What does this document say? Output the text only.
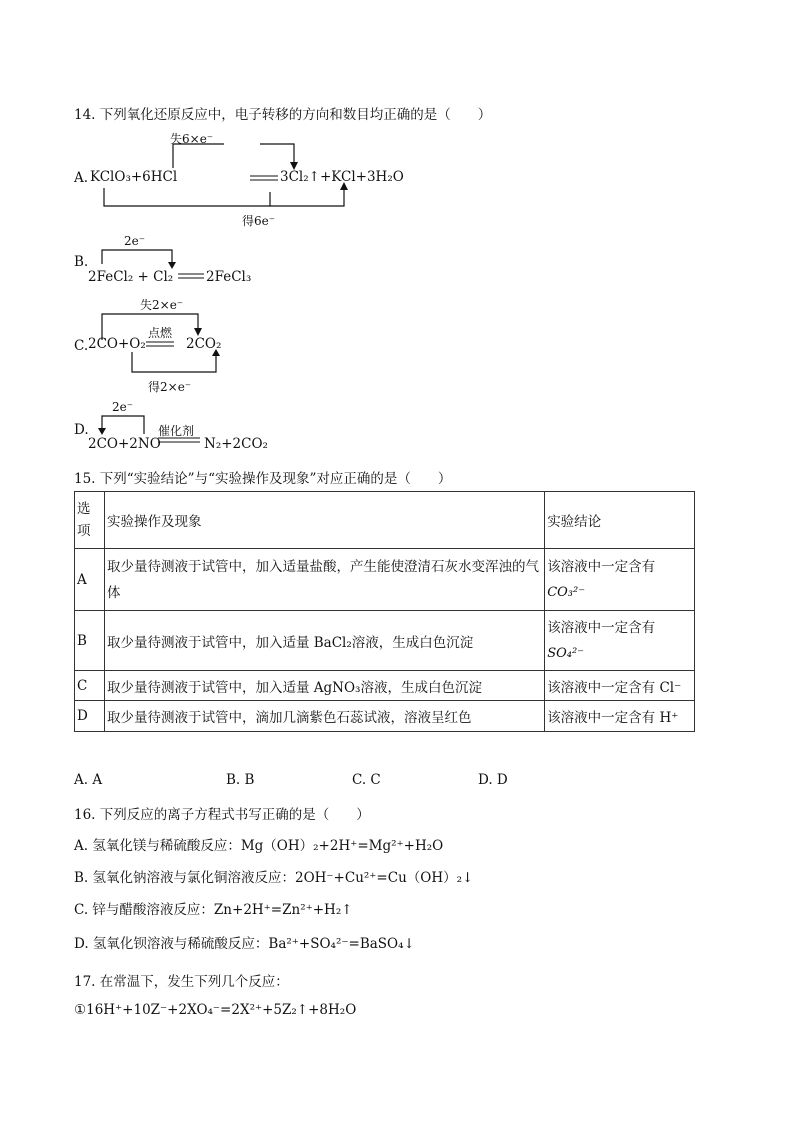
14. 下列氧化还原反应中，电子转移的方向和数目均正确的是（　　）
失6×e⁻
A. KClO₃+6HCl	3Cl₂↑+KCl+3H₂O
得6e⁻
2e⁻
B.
2FeCl₂ + Cl₂ 2FeCl₃
失2×e⁻
点燃
C. 2CO+O₂	2CO₂
得2×e⁻
2e⁻
催化剂
D.
2CO+2NO	N₂+2CO₂
15. 下列“实验结论”与“实验操作及现象”对应正确的是（　　）
选项	实验操作及现象	实验结论
A	取少量待测液于试管中，加入适量盐酸，产生能使澄清石灰水变浑浊的气体	该溶液中一定含有
CO₃²⁻

B	取少量待测液于试管中，加入适量 BaCl₂溶液，生成白色沉淀	该溶液中一定含有
SO₄²⁻

C	取少量待测液于试管中，加入适量 AgNO₃溶液，生成白色沉淀	该溶液中一定含有 Cl⁻
D	取少量待测液于试管中，滴加几滴紫色石蕊试液，溶液呈红色	该溶液中一定含有 H⁺
A. A	B. B	C. C	D. D
16. 下列反应的离子方程式书写正确的是（　　）
A. 氢氧化镁与稀硫酸反应：Mg（OH）₂+2H⁺=Mg²⁺+H₂O
B. 氢氧化钠溶液与氯化铜溶液反应：2OH⁻+Cu²⁺=Cu（OH）₂↓
C. 锌与醋酸溶液反应：Zn+2H⁺=Zn²⁺+H₂↑
D. 氢氧化钡溶液与稀硫酸反应：Ba²⁺+SO₄²⁻=BaSO₄↓
17. 在常温下，发生下列几个反应：
①16H⁺+10Z⁻+2XO₄⁻=2X²⁺+5Z₂↑+8H₂O
